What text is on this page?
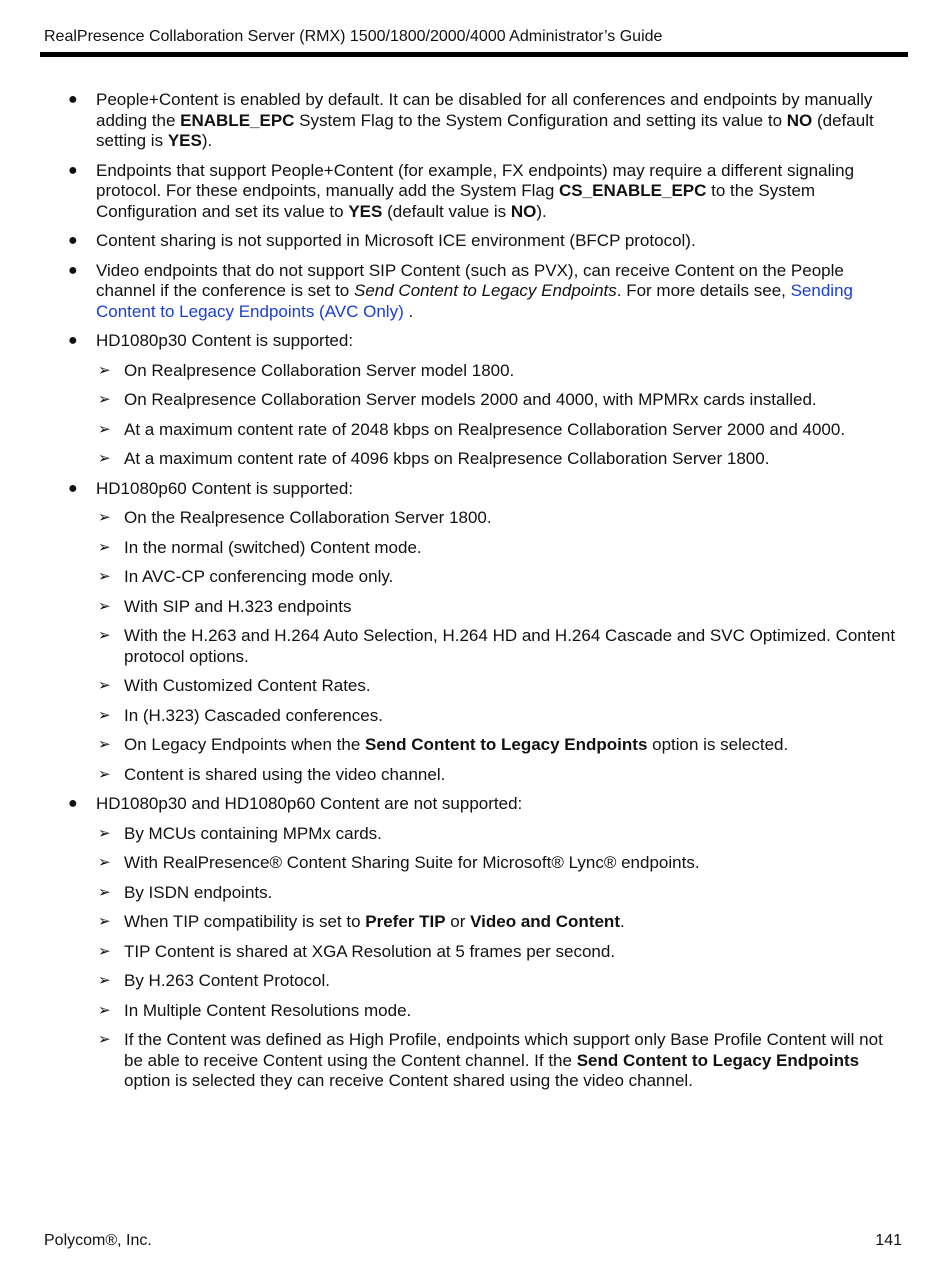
RealPresence Collaboration Server (RMX) 1500/1800/2000/4000 Administrator’s Guide
● People+Content is enabled by default. It can be disabled for all conferences and endpoints by manually adding the ENABLE_EPC System Flag to the System Configuration and setting its value to NO (default setting is YES).
● Endpoints that support People+Content (for example, FX endpoints) may require a different signaling protocol. For these endpoints, manually add the System Flag CS_ENABLE_EPC to the System Configuration and set its value to YES (default value is NO).
● Content sharing is not supported in Microsoft ICE environment (BFCP protocol).
● Video endpoints that do not support SIP Content (such as PVX), can receive Content on the People channel if the conference is set to Send Content to Legacy Endpoints. For more details see, Sending Content to Legacy Endpoints (AVC Only) .
● HD1080p30 Content is supported:
➢ On Realpresence Collaboration Server model 1800.
➢ On Realpresence Collaboration Server models 2000 and 4000, with MPMRx cards installed.
➢ At a maximum content rate of 2048 kbps on Realpresence Collaboration Server 2000 and 4000.
➢ At a maximum content rate of 4096 kbps on Realpresence Collaboration Server 1800.
● HD1080p60 Content is supported:
➢ On the Realpresence Collaboration Server 1800.
➢ In the normal (switched) Content mode.
➢ In AVC-CP conferencing mode only.
➢ With SIP and H.323 endpoints
➢ With the H.263 and H.264 Auto Selection, H.264 HD and H.264 Cascade and SVC Optimized. Content protocol options.
➢ With Customized Content Rates.
➢ In (H.323) Cascaded conferences.
➢ On Legacy Endpoints when the Send Content to Legacy Endpoints option is selected.
➢ Content is shared using the video channel.
● HD1080p30 and HD1080p60 Content are not supported:
➢ By MCUs containing MPMx cards.
➢ With RealPresence® Content Sharing Suite for Microsoft® Lync® endpoints.
➢ By ISDN endpoints.
➢ When TIP compatibility is set to Prefer TIP or Video and Content.
➢ TIP Content is shared at XGA Resolution at 5 frames per second.
➢ By H.263 Content Protocol.
➢ In Multiple Content Resolutions mode.
➢ If the Content was defined as High Profile, endpoints which support only Base Profile Content will not be able to receive Content using the Content channel. If the Send Content to Legacy Endpoints option is selected they can receive Content shared using the video channel.
Polycom®, Inc.	141
